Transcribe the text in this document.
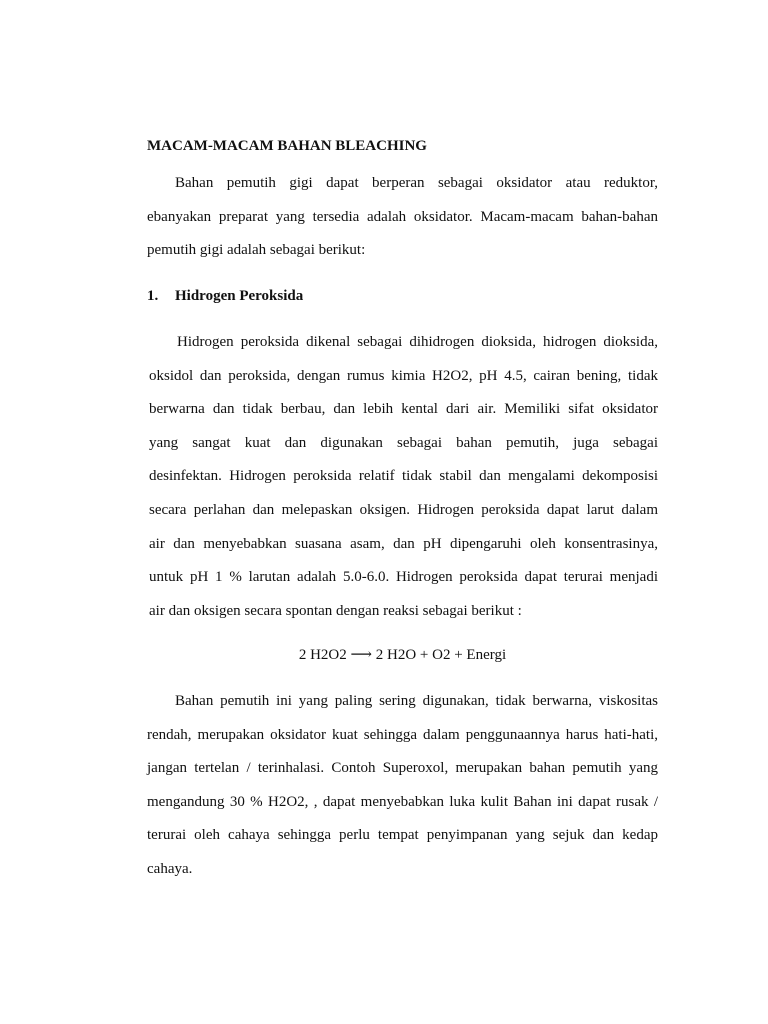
MACAM-MACAM BAHAN BLEACHING
Bahan pemutih gigi dapat berperan sebagai oksidator atau reduktor,
ebanyakan preparat yang tersedia adalah oksidator. Macam-macam bahan-bahan
pemutih gigi adalah sebagai berikut:
1.	Hidrogen Peroksida
Hidrogen peroksida dikenal sebagai dihidrogen dioksida, hidrogen dioksida,
oksidol dan peroksida, dengan rumus kimia H2O2, pH 4.5, cairan bening, tidak
berwarna dan tidak berbau, dan lebih kental dari air. Memiliki sifat oksidator
yang sangat kuat dan digunakan sebagai bahan pemutih, juga sebagai
desinfektan. Hidrogen peroksida relatif tidak stabil dan mengalami dekomposisi
secara perlahan dan melepaskan oksigen. Hidrogen peroksida dapat larut dalam
air dan menyebabkan suasana asam, dan pH dipengaruhi oleh konsentrasinya,
untuk pH 1 % larutan adalah 5.0-6.0. Hidrogen peroksida dapat terurai menjadi
air dan oksigen secara spontan dengan reaksi sebagai berikut :
2 H2O2 ⟶ 2 H2O + O2 + Energi
Bahan pemutih ini yang paling sering digunakan, tidak berwarna, viskositas
rendah, merupakan oksidator kuat sehingga dalam penggunaannya harus hati-hati,
jangan tertelan / terinhalasi. Contoh Superoxol, merupakan bahan pemutih yang
mengandung 30 % H2O2, , dapat menyebabkan luka kulit Bahan ini dapat rusak /
terurai oleh cahaya sehingga perlu tempat penyimpanan yang sejuk dan kedap
cahaya.
